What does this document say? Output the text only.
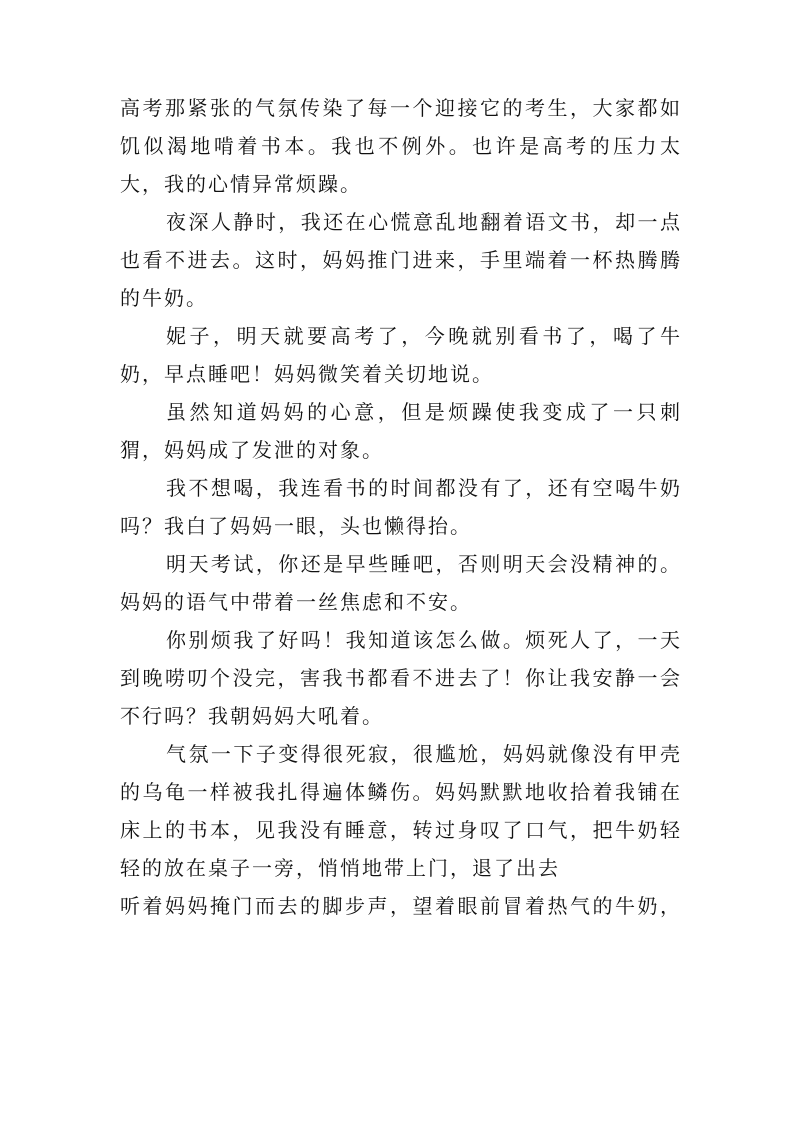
高考那紧张的气氛传染了每一个迎接它的考生，大家都如
饥似渴地啃着书本。我也不例外。也许是高考的压力太
大，我的心情异常烦躁。
夜深人静时，我还在心慌意乱地翻着语文书，却一点
也看不进去。这时，妈妈推门进来，手里端着一杯热腾腾
的牛奶。
妮子，明天就要高考了，今晚就别看书了，喝了牛
奶，早点睡吧！妈妈微笑着关切地说。
虽然知道妈妈的心意，但是烦躁使我变成了一只刺
猬，妈妈成了发泄的对象。
我不想喝，我连看书的时间都没有了，还有空喝牛奶
吗？我白了妈妈一眼，头也懒得抬。
明天考试，你还是早些睡吧，否则明天会没精神的。
妈妈的语气中带着一丝焦虑和不安。
你别烦我了好吗！我知道该怎么做。烦死人了，一天
到晚唠叨个没完，害我书都看不进去了！你让我安静一会
不行吗？我朝妈妈大吼着。
气氛一下子变得很死寂，很尴尬，妈妈就像没有甲壳
的乌龟一样被我扎得遍体鳞伤。妈妈默默地收拾着我铺在
床上的书本，见我没有睡意，转过身叹了口气，把牛奶轻
轻的放在桌子一旁，悄悄地带上门，退了出去
听着妈妈掩门而去的脚步声，望着眼前冒着热气的牛奶，
